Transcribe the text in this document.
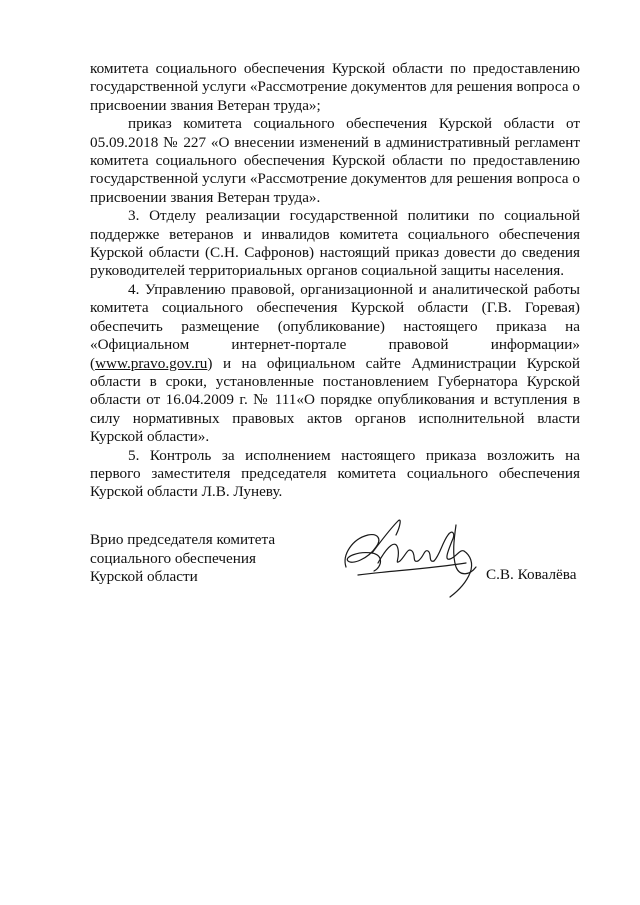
комитета социального обеспечения Курской области по предоставлению государственной услуги «Рассмотрение документов для решения вопроса о присвоении звания Ветеран труда»;

приказ комитета социального обеспечения Курской области от 05.09.2018 № 227 «О внесении изменений в административный регламент комитета социального обеспечения Курской области по предоставлению государственной услуги «Рассмотрение документов для решения вопроса о присвоении звания Ветеран труда».

3. Отделу реализации государственной политики по социальной поддержке ветеранов и инвалидов комитета социального обеспечения Курской области (С.Н. Сафронов) настоящий приказ довести до сведения руководителей территориальных органов социальной защиты населения.

4. Управлению правовой, организационной и аналитической работы комитета социального обеспечения Курской области (Г.В. Горевая) обеспечить размещение (опубликование) настоящего приказа на «Официальном интернет-портале правовой информации» (www.pravo.gov.ru) и на официальном сайте Администрации Курской области в сроки, установленные постановлением Губернатора Курской области от 16.04.2009 г. № 111«О порядке опубликования и вступления в силу нормативных правовых актов органов исполнительной власти Курской области».

5. Контроль за исполнением настоящего приказа возложить на первого заместителя председателя комитета социального обеспечения Курской области Л.В. Луневу.

Врио председателя комитета
социального обеспечения
Курской области	С.В. Ковалёва
